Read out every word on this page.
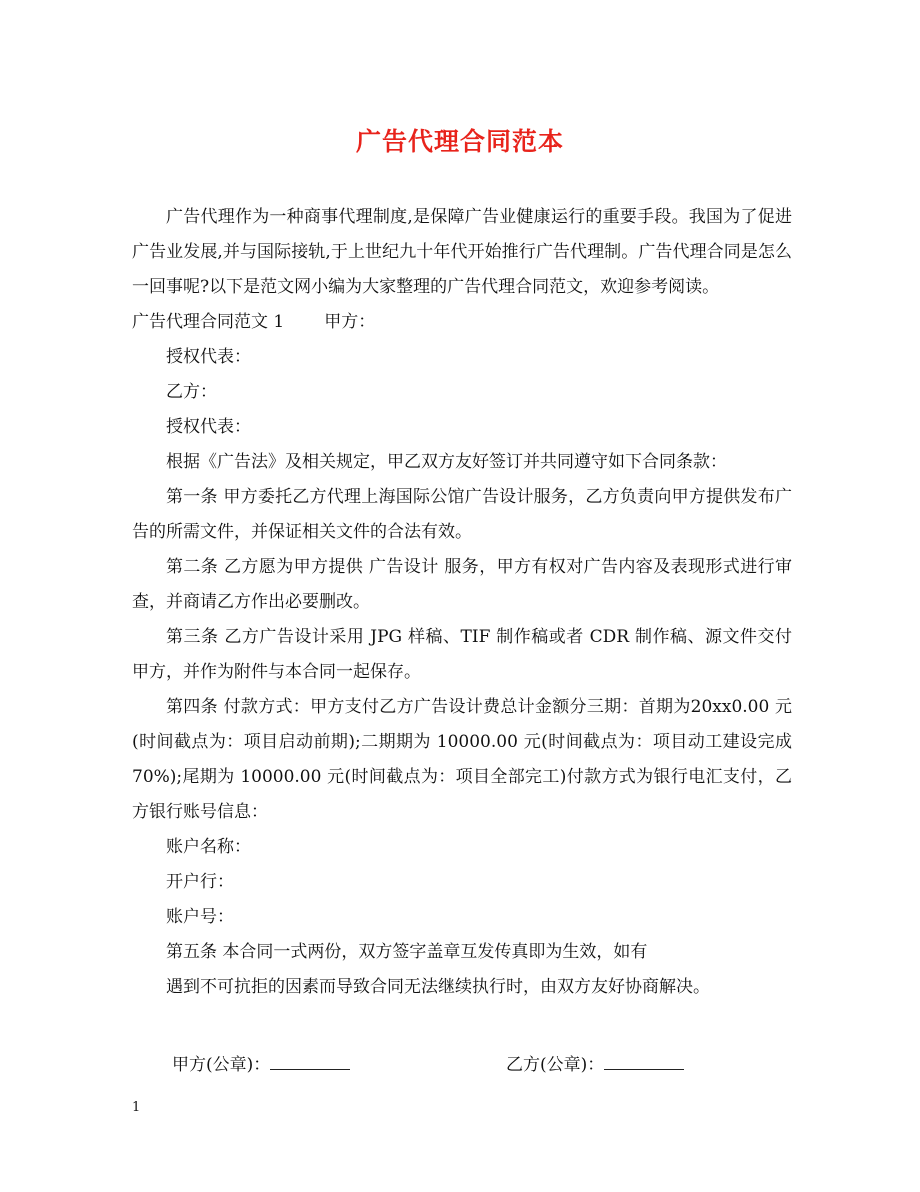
广告代理合同范本

广告代理作为一种商事代理制度,是保障广告业健康运行的重要手段。我国为了促进广告业发展,并与国际接轨,于上世纪九十年代开始推行广告代理制。广告代理合同是怎么一回事呢?以下是范文网小编为大家整理的广告代理合同范文，欢迎参考阅读。

广告代理合同范文 1 甲方：

授权代表：

乙方：

授权代表：

根据《广告法》及相关规定，甲乙双方友好签订并共同遵守如下合同条款：

第一条 甲方委托乙方代理上海国际公馆广告设计服务，乙方负责向甲方提供发布广告的所需文件，并保证相关文件的合法有效。

第二条 乙方愿为甲方提供 广告设计 服务，甲方有权对广告内容及表现形式进行审查，并商请乙方作出必要删改。

第三条 乙方广告设计采用 JPG 样稿、TIF 制作稿或者 CDR 制作稿、源文件交付甲方，并作为附件与本合同一起保存。

第四条 付款方式：甲方支付乙方广告设计费总计金额分三期：首期为20xx0.00 元(时间截点为：项目启动前期);二期期为 10000.00 元(时间截点为：项目动工建设完成 70%);尾期为 10000.00 元(时间截点为：项目全部完工)付款方式为银行电汇支付，乙方银行账号信息：

账户名称：

开户行：

账户号：

第五条 本合同一式两份，双方签字盖章互发传真即为生效，如有

遇到不可抗拒的因素而导致合同无法继续执行时，由双方友好协商解决。

甲方(公章)：	乙方(公章)：
1
